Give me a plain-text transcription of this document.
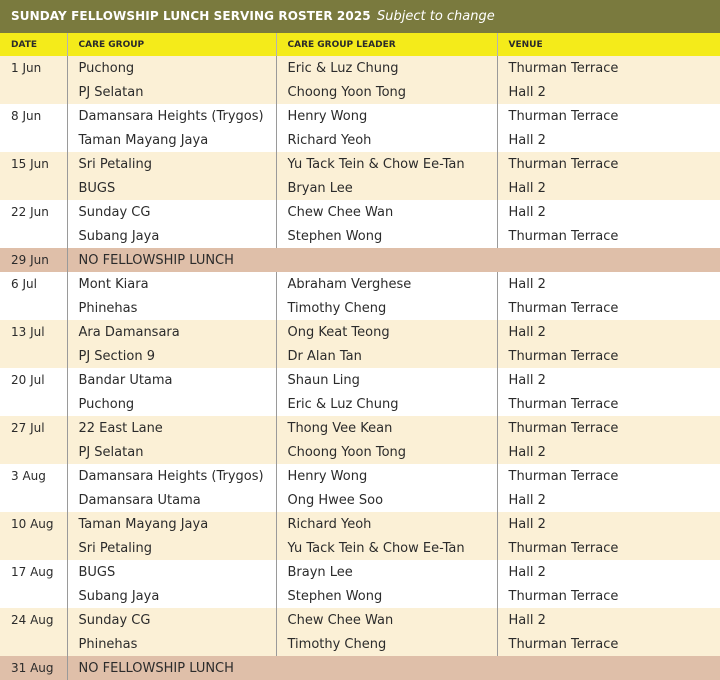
SUNDAY FELLOWSHIP LUNCH SERVING ROSTER 2025 Subject to change
DATE	CARE GROUP	CARE GROUP LEADER	VENUE
1 Jun	Puchong	Eric & Luz Chung	Thurman Terrace
	PJ Selatan	Choong Yoon Tong	Hall 2
8 Jun	Damansara Heights (Trygos)	Henry Wong	Thurman Terrace
	Taman Mayang Jaya	Richard Yeoh	Hall 2
15 Jun	Sri Petaling	Yu Tack Tein & Chow Ee-Tan	Thurman Terrace
	BUGS	Bryan Lee	Hall 2
22 Jun	Sunday CG	Chew Chee Wan	Hall 2
	Subang Jaya	Stephen Wong	Thurman Terrace
29 Jun	NO FELLOWSHIP LUNCH		
6 Jul	Mont Kiara	Abraham Verghese	Hall 2
	Phinehas	Timothy Cheng	Thurman Terrace
13 Jul	Ara Damansara	Ong Keat Teong	Hall 2
	PJ Section 9	Dr Alan Tan	Thurman Terrace
20 Jul	Bandar Utama	Shaun Ling	Hall 2
	Puchong	Eric & Luz Chung	Thurman Terrace
27 Jul	22 East Lane	Thong Vee Kean	Thurman Terrace
	PJ Selatan	Choong Yoon Tong	Hall 2
3 Aug	Damansara Heights (Trygos)	Henry Wong	Thurman Terrace
	Damansara Utama	Ong Hwee Soo	Hall 2
10 Aug	Taman Mayang Jaya	Richard Yeoh	Hall 2
	Sri Petaling	Yu Tack Tein & Chow Ee-Tan	Thurman Terrace
17 Aug	BUGS	Brayn Lee	Hall 2
	Subang Jaya	Stephen Wong	Thurman Terrace
24 Aug	Sunday CG	Chew Chee Wan	Hall 2
	Phinehas	Timothy Cheng	Thurman Terrace
31 Aug	NO FELLOWSHIP LUNCH		
